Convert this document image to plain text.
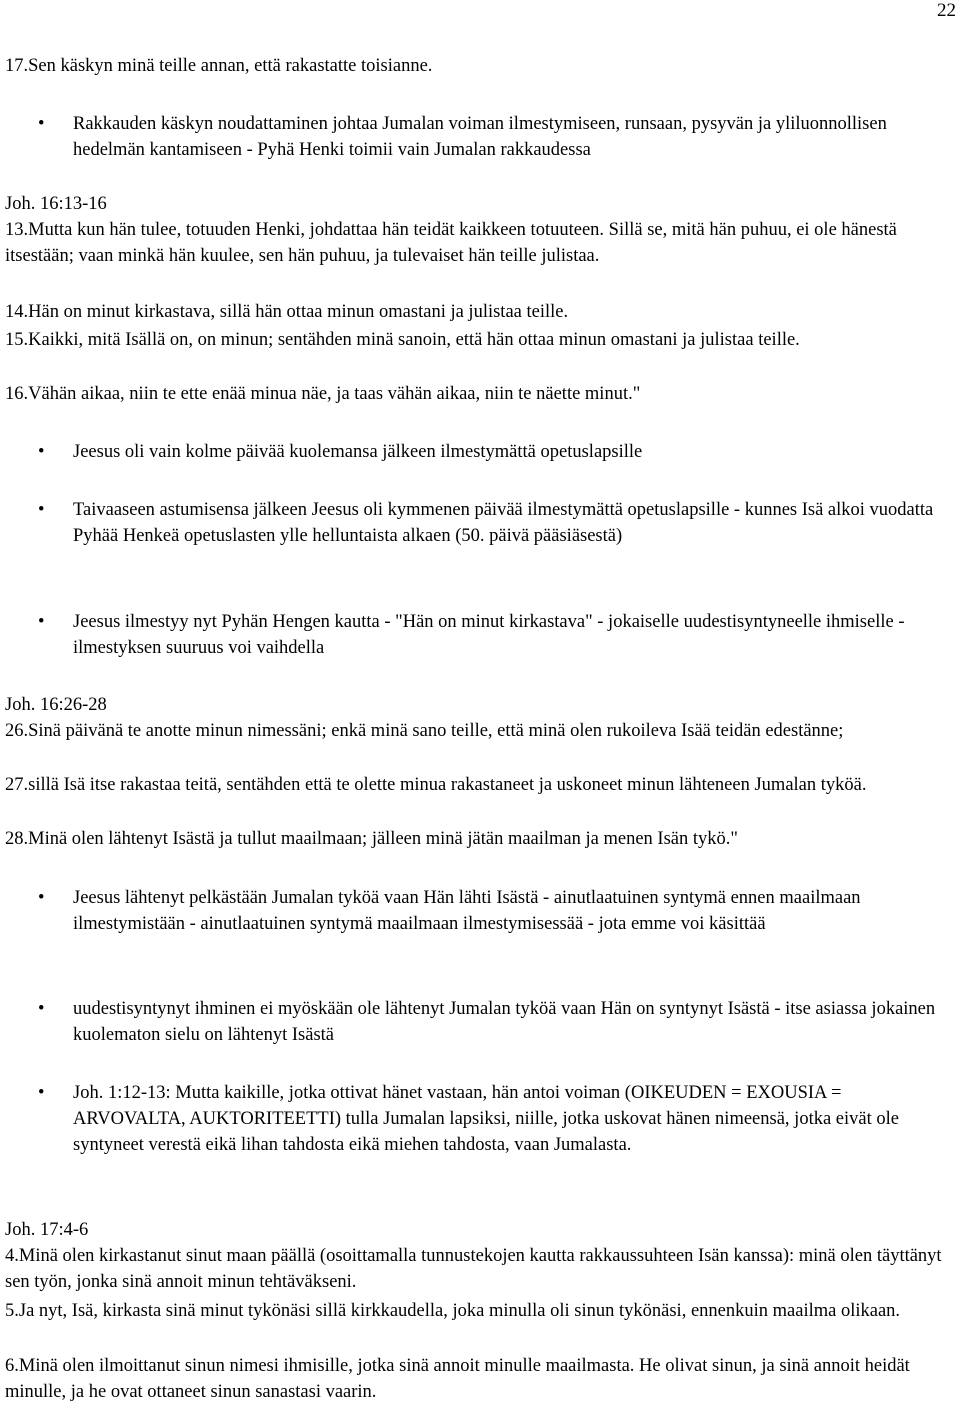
22
17.Sen käskyn minä teille annan, että rakastatte toisianne.
• Rakkauden käskyn noudattaminen johtaa Jumalan voiman ilmestymiseen, runsaan, pysyvän ja yliluonnollisen hedelmän kantamiseen - Pyhä Henki toimii vain Jumalan rakkaudessa
Joh. 16:13-16
13.Mutta kun hän tulee, totuuden Henki, johdattaa hän teidät kaikkeen totuuteen. Sillä se, mitä hän puhuu, ei ole hänestä itsestään; vaan minkä hän kuulee, sen hän puhuu, ja tulevaiset hän teille julistaa.
14.Hän on minut kirkastava, sillä hän ottaa minun omastani ja julistaa teille.
15.Kaikki, mitä Isällä on, on minun; sentähden minä sanoin, että hän ottaa minun omastani ja julistaa teille.
16.Vähän aikaa, niin te ette enää minua näe, ja taas vähän aikaa, niin te näette minut."
• Jeesus oli vain kolme päivää kuolemansa jälkeen ilmestymättä opetuslapsille
• Taivaaseen astumisensa jälkeen Jeesus oli kymmenen päivää ilmestymättä opetuslapsille - kunnes Isä alkoi vuodatta Pyhää Henkeä opetuslasten ylle helluntaista alkaen (50. päivä pääsiäsestä)
• Jeesus ilmestyy nyt Pyhän Hengen kautta - "Hän on minut kirkastava" - jokaiselle uudestisyntyneelle ihmiselle - ilmestyksen suuruus voi vaihdella
Joh. 16:26-28
26.Sinä päivänä te anotte minun nimessäni; enkä minä sano teille, että minä olen rukoileva Isää teidän edestänne;
27.sillä Isä itse rakastaa teitä, sentähden että te olette minua rakastaneet ja uskoneet minun lähteneen Jumalan tyköä.
28.Minä olen lähtenyt Isästä ja tullut maailmaan; jälleen minä jätän maailman ja menen Isän tykö."
• Jeesus lähtenyt pelkästään Jumalan tyköä vaan Hän lähti Isästä - ainutlaatuinen syntymä ennen maailmaan ilmestymistään - ainutlaatuinen syntymä maailmaan ilmestymisessää - jota emme voi käsittää
• uudestisyntynyt ihminen ei myöskään ole lähtenyt Jumalan tyköä vaan Hän on syntynyt Isästä - itse asiassa jokainen kuolematon sielu on lähtenyt Isästä
• Joh. 1:12-13: Mutta kaikille, jotka ottivat hänet vastaan, hän antoi voiman (OIKEUDEN = EXOUSIA = ARVOVALTA, AUKTORITEETTI) tulla Jumalan lapsiksi, niille, jotka uskovat hänen nimeensä, jotka eivät ole syntyneet verestä eikä lihan tahdosta eikä miehen tahdosta, vaan Jumalasta.
Joh. 17:4-6
4.Minä olen kirkastanut sinut maan päällä (osoittamalla tunnustekojen kautta rakkaussuhteen Isän kanssa): minä olen täyttänyt sen työn, jonka sinä annoit minun tehtäväkseni.
5.Ja nyt, Isä, kirkasta sinä minut tykönäsi sillä kirkkaudella, joka minulla oli sinun tykönäsi, ennenkuin maailma olikaan.
6.Minä olen ilmoittanut sinun nimesi ihmisille, jotka sinä annoit minulle maailmasta. He olivat sinun, ja sinä annoit heidät minulle, ja he ovat ottaneet sinun sanastasi vaarin.
